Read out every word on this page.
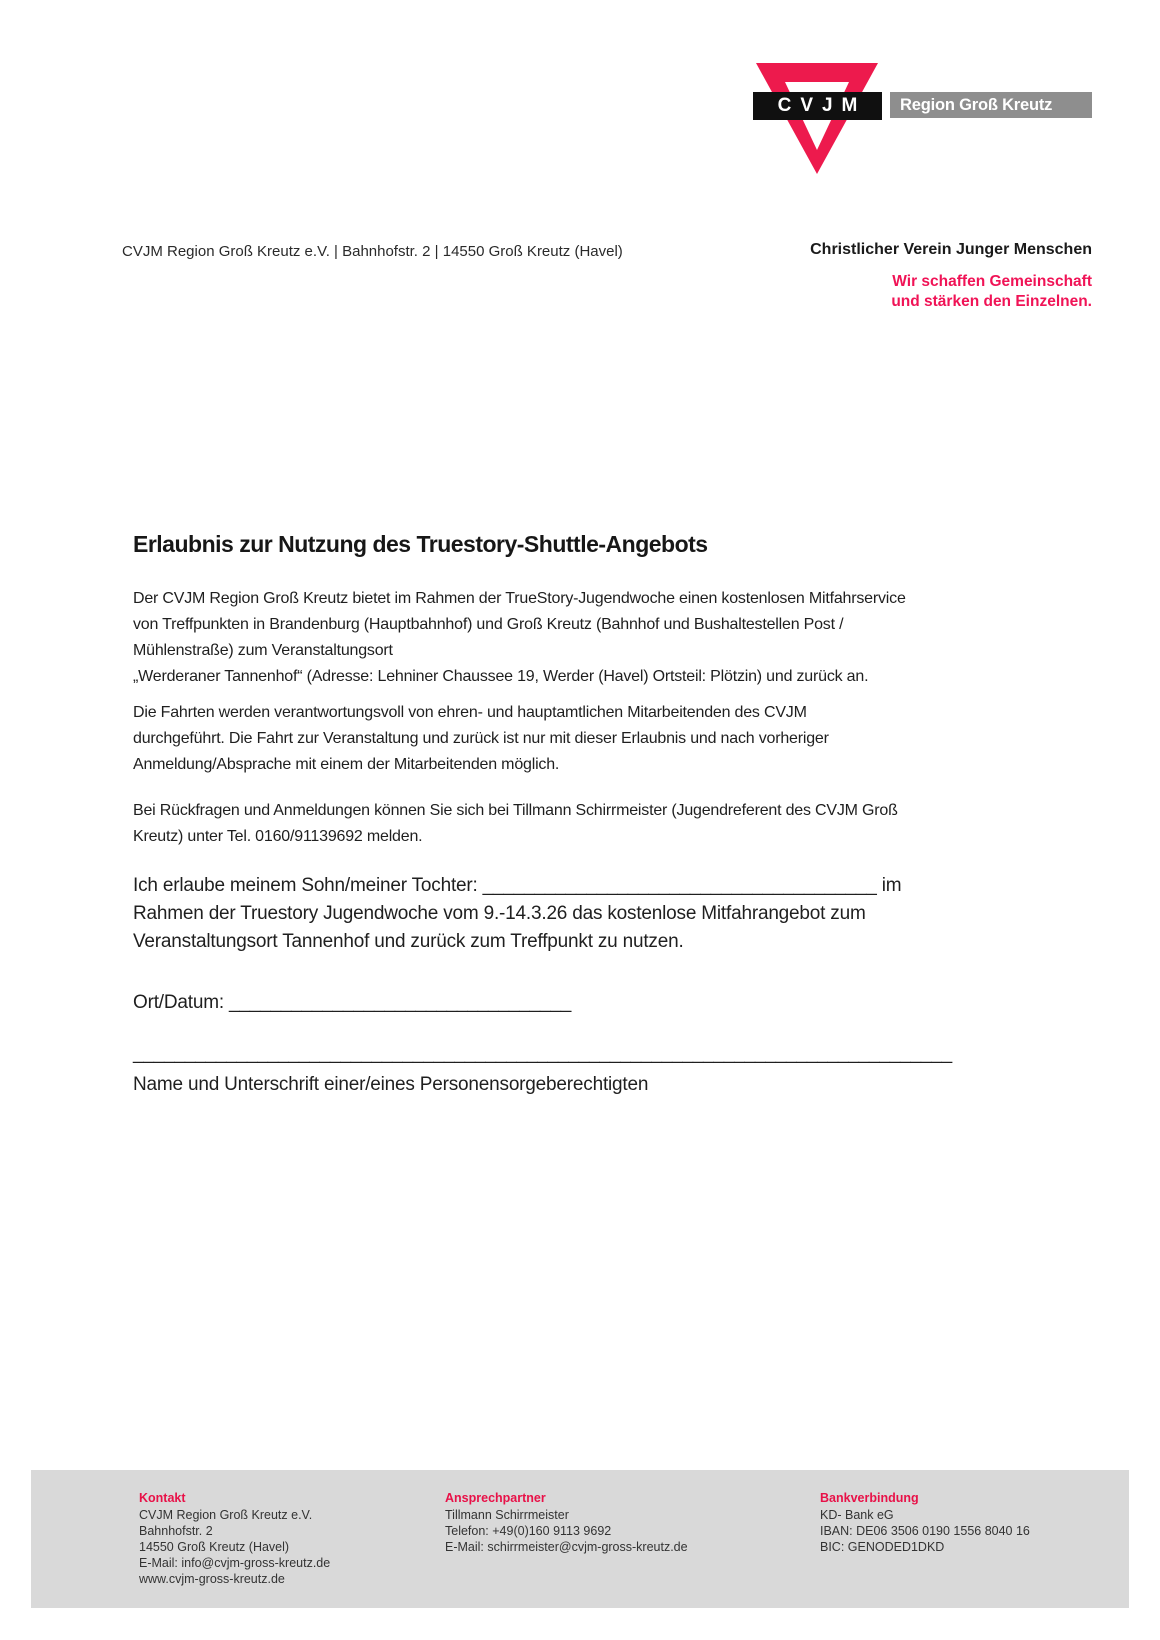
CVJM	Region Groß Kreutz
CVJM Region Groß Kreutz e.V. | Bahnhofstr. 2 | 14550 Groß Kreutz (Havel)	Christlicher Verein Junger Menschen
Wir schaffen Gemeinschaft
und stärken den Einzelnen.
Erlaubnis zur Nutzung des Truestory-Shuttle-Angebots
Der CVJM Region Groß Kreutz bietet im Rahmen der TrueStory-Jugendwoche einen kostenlosen Mitfahrservice
von Treffpunkten in Brandenburg (Hauptbahnhof) und Groß Kreutz (Bahnhof und Bushaltestellen Post /
Mühlenstraße) zum Veranstaltungsort
„Werderaner Tannenhof“ (Adresse: Lehniner Chaussee 19, Werder (Havel) Ortsteil: Plötzin) und zurück an.
Die Fahrten werden verantwortungsvoll von ehren- und hauptamtlichen Mitarbeitenden des CVJM
durchgeführt. Die Fahrt zur Veranstaltung und zurück ist nur mit dieser Erlaubnis und nach vorheriger
Anmeldung/Absprache mit einem der Mitarbeitenden möglich.
Bei Rückfragen und Anmeldungen können Sie sich bei Tillmann Schirrmeister (Jugendreferent des CVJM Groß
Kreutz) unter Tel. 0160/91139692 melden.
Ich erlaube meinem Sohn/meiner Tochter: ______________________________________ im
Rahmen der Truestory Jugendwoche vom 9.-14.3.26 das kostenlose Mitfahrangebot zum
Veranstaltungsort Tannenhof und zurück zum Treffpunkt zu nutzen.
Ort/Datum: _________________________________
_______________________________________________________________________________
Name und Unterschrift einer/eines Personensorgeberechtigten
Kontakt
CVJM Region Groß Kreutz e.V.
Bahnhofstr. 2
14550 Groß Kreutz (Havel)
E-Mail: info@cvjm-gross-kreutz.de
www.cvjm-gross-kreutz.de
Ansprechpartner
Tillmann Schirrmeister
Telefon: +49(0)160 9113 9692
E-Mail: schirrmeister@cvjm-gross-kreutz.de
Bankverbindung
KD- Bank eG
IBAN: DE06 3506 0190 1556 8040 16
BIC: GENODED1DKD
